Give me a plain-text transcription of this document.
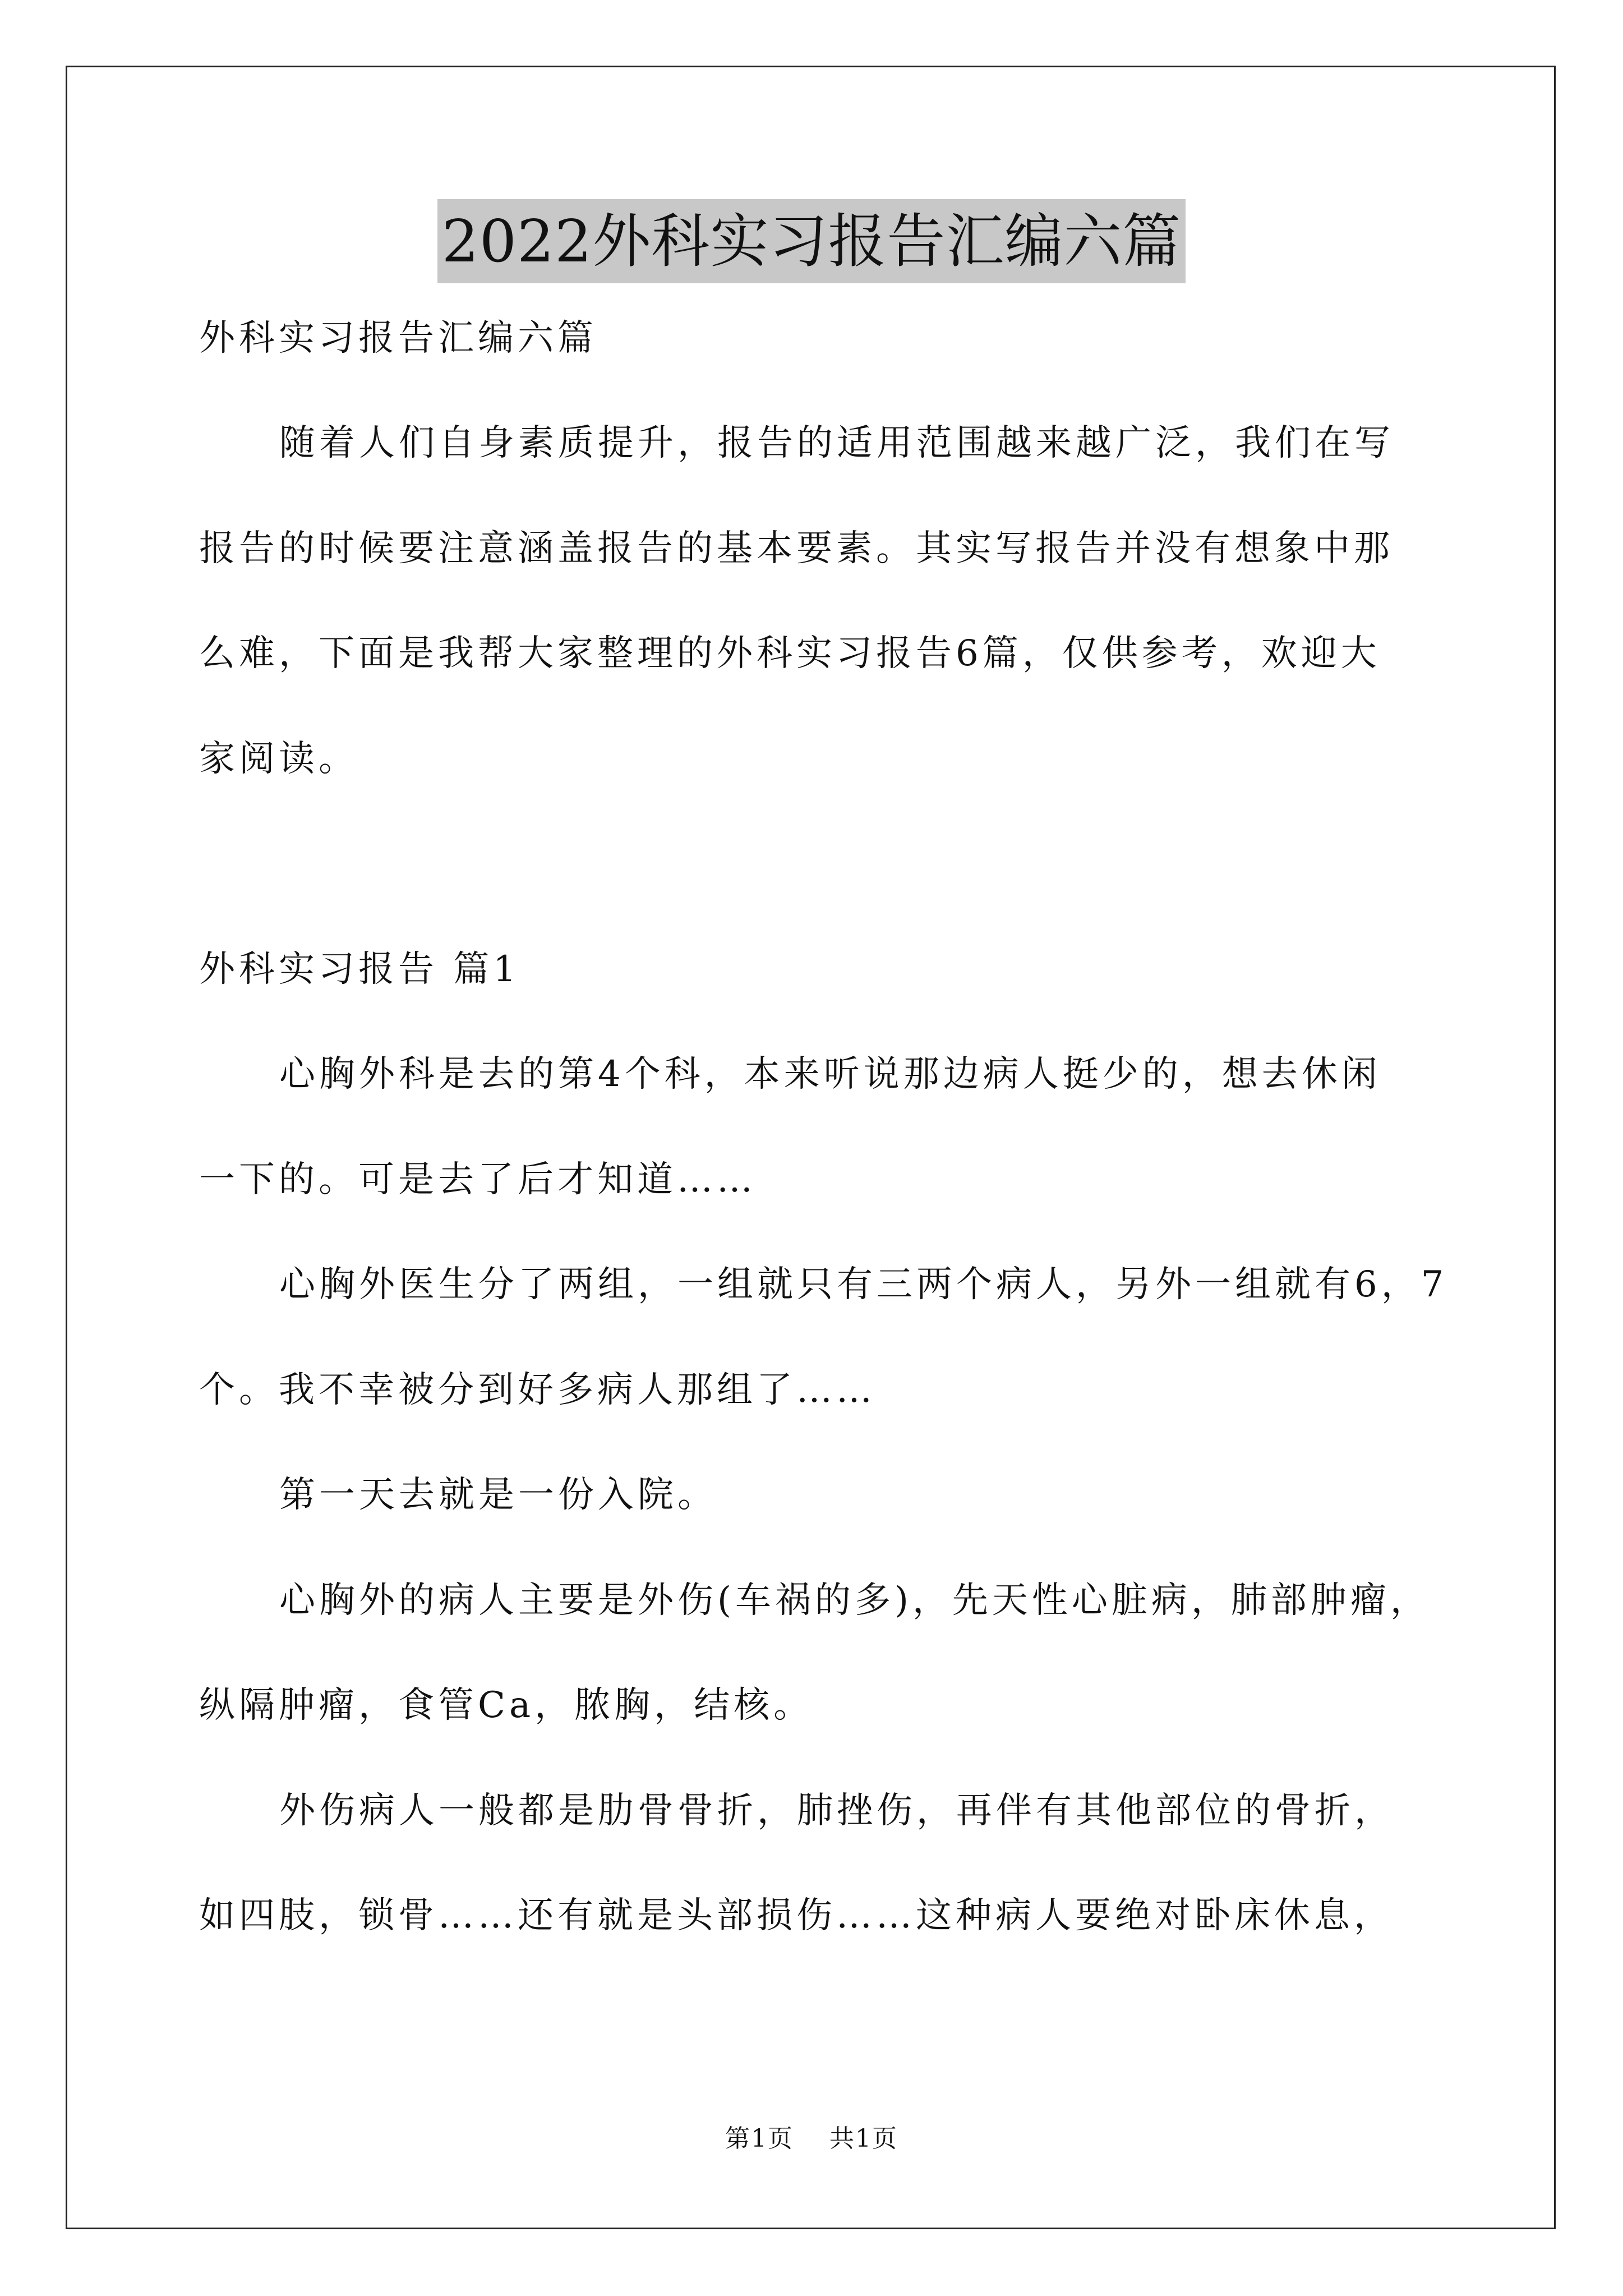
2022外科实习报告汇编六篇
外科实习报告汇编六篇
随着人们自身素质提升，报告的适用范围越来越广泛，我们在写
报告的时候要注意涵盖报告的基本要素。其实写报告并没有想象中那
么难，下面是我帮大家整理的外科实习报告6篇，仅供参考，欢迎大
家阅读。
外科实习报告 篇1
心胸外科是去的第4个科，本来听说那边病人挺少的，想去休闲
一下的。可是去了后才知道……
心胸外医生分了两组，一组就只有三两个病人，另外一组就有6，7
个。我不幸被分到好多病人那组了……
第一天去就是一份入院。
心胸外的病人主要是外伤(车祸的多)，先天性心脏病，肺部肿瘤，
纵隔肿瘤，食管Ca，脓胸，结核。
外伤病人一般都是肋骨骨折，肺挫伤，再伴有其他部位的骨折，
如四肢，锁骨……还有就是头部损伤……这种病人要绝对卧床休息，
第1页 共1页
